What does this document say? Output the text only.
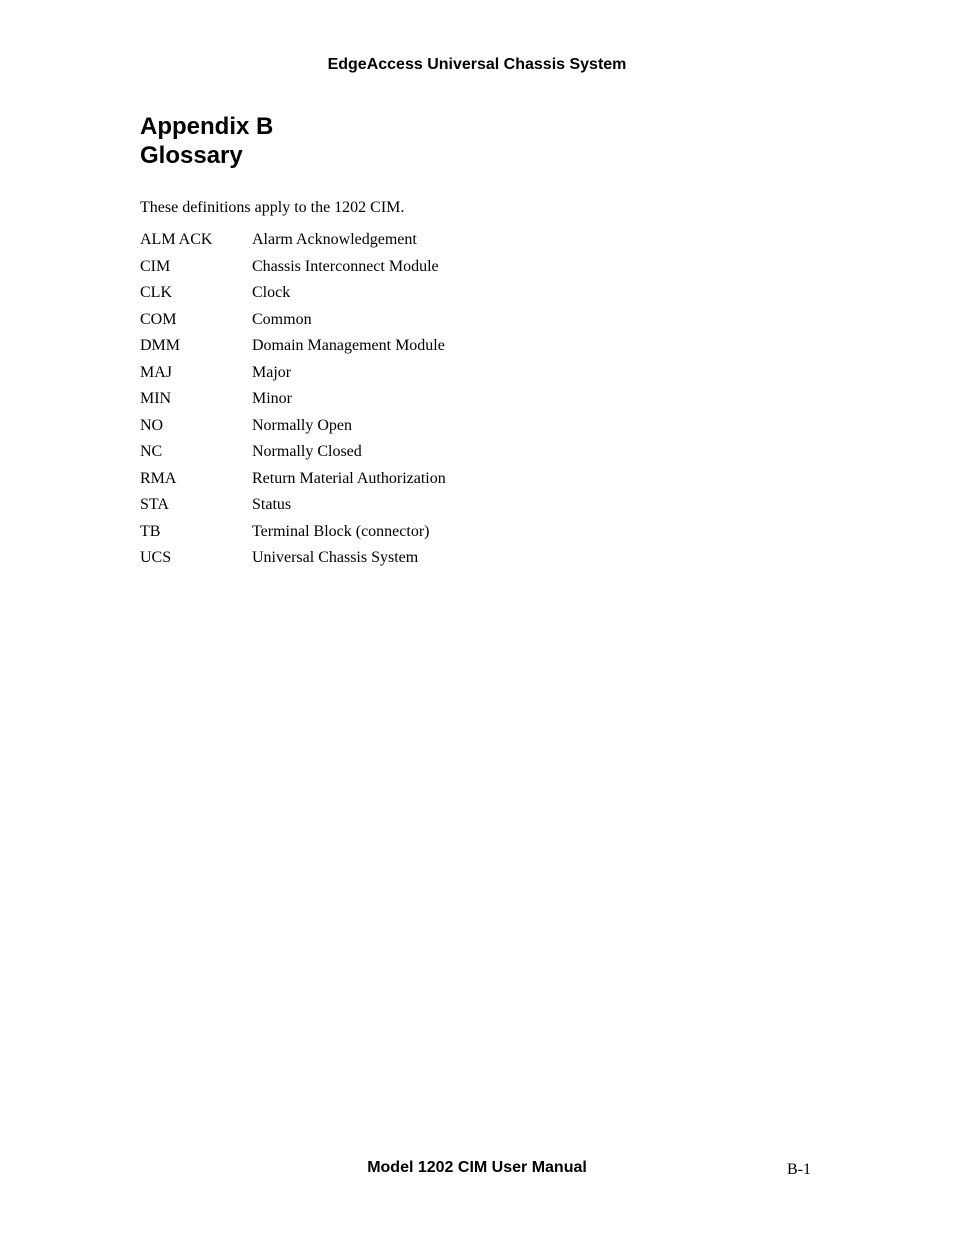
EdgeAccess Universal Chassis System
Appendix B
Glossary
These definitions apply to the 1202 CIM.
ALM ACK	Alarm Acknowledgement
CIM	Chassis Interconnect Module
CLK	Clock
COM	Common
DMM	Domain Management Module
MAJ	Major
MIN	Minor
NO	Normally Open
NC	Normally Closed
RMA	Return Material Authorization
STA	Status
TB	Terminal Block (connector)
UCS	Universal Chassis System
Model 1202 CIM User Manual	B-1
